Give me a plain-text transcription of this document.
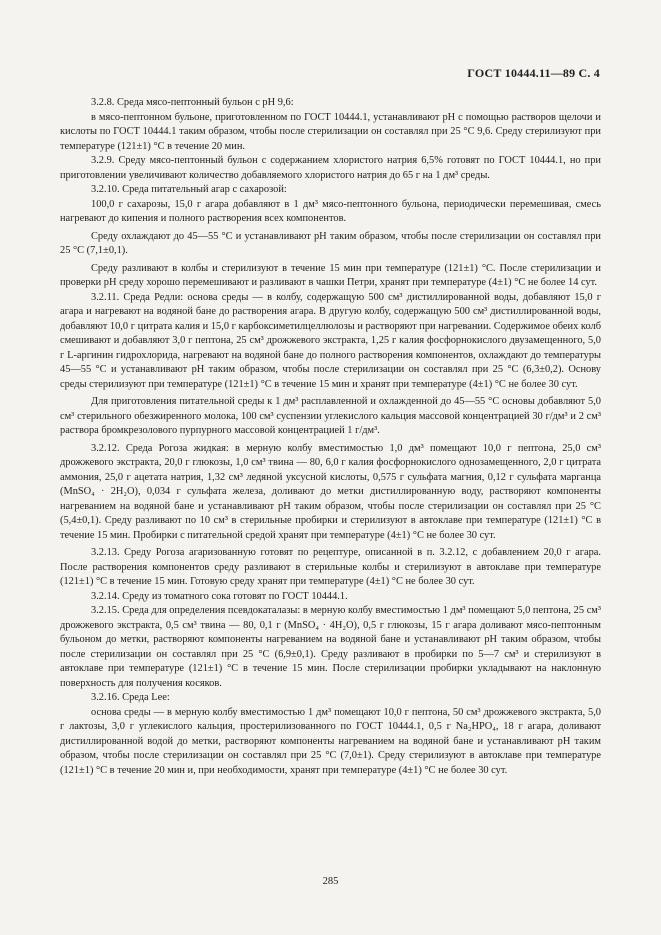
ГОСТ 10444.11—89 С. 4

3.2.8. Среда мясо-пептонный бульон с pH 9,6:

в мясо-пептонном бульоне, приготовленном по ГОСТ 10444.1, устанавливают pH с помощью растворов щелочи и кислоты по ГОСТ 10444.1 таким образом, чтобы после стерилизации он составлял при 25 °С 9,6. Среду стерилизуют при температуре (121±1) °С в течение 20 мин.

3.2.9. Среду мясо-пептонный бульон с содержанием хлористого натрия 6,5% готовят по ГОСТ 10444.1, но при приготовлении увеличивают количество добавляемого хлористого натрия до 65 г на 1 дм³ среды.

3.2.10. Среда питательный агар с сахарозой:

100,0 г сахарозы, 15,0 г агара добавляют в 1 дм³ мясо-пептонного бульона, периодически перемешивая, смесь нагревают до кипения и полного растворения всех компонентов.

Среду охлаждают до 45—55 °С и устанавливают pH таким образом, чтобы после стерилизации он составлял при 25 °С (7,1±0,1).

Среду разливают в колбы и стерилизуют в течение 15 мин при температуре (121±1) °С. После стерилизации и проверки pH среду хорошо перемешивают и разливают в чашки Петри, хранят при температуре (4±1) °С не более 14 сут.

3.2.11. Среда Редли: основа среды — в колбу, содержащую 500 см³ дистиллированной воды, добавляют 15,0 г агара и нагревают на водяной бане до растворения агара. В другую колбу, содержащую 500 см³ дистиллированной воды, добавляют 10,0 г цитрата калия и 15,0 г карбоксиметилцеллюлозы и растворяют при нагревании. Содержимое обеих колб смешивают и добавляют 3,0 г пептона, 25 см³ дрожжевого экстракта, 1,25 г калия фосфорнокислого двузамещенного, 5,0 г L-аргинин гидрохлорида, нагревают на водяной бане до полного растворения компонентов, охлаждают до температуры 45—55 °С и устанавливают pH таким образом, чтобы после стерилизации он составлял при 25 °С (6,3±0,2). Основу среды стерилизуют при температуре (121±1) °С в течение 15 мин и хранят при температуре (4±1) °С не более 30 сут.

Для приготовления питательной среды к 1 дм³ расплавленной и охлажденной до 45—55 °С основы добавляют 5,0 см³ стерильного обезжиренного молока, 100 см³ суспензии углекислого кальция массовой концентрацией 30 г/дм³ и 2 см³ раствора бромкрезолового пурпурного массовой концентрацией 1 г/дм³.

3.2.12. Среда Рогоза жидкая: в мерную колбу вместимостью 1,0 дм³ помещают 10,0 г пептона, 25,0 см³ дрожжевого экстракта, 20,0 г глюкозы, 1,0 см³ твина — 80, 6,0 г калия фосфорнокислого однозамещенного, 2,0 г цитрата аммония, 25,0 г ацетата натрия, 1,32 см³ ледяной уксусной кислоты, 0,575 г сульфата магния, 0,12 г сульфата марганца (MnSO₄ · 2H₂O), 0,034 г сульфата железа, доливают до метки дистиллированную воду, растворяют компоненты нагреванием на водяной бане и устанавливают pH таким образом, чтобы после стерилизации он составлял при 25 °С (5,4±0,1). Среду разливают по 10 см³ в стерильные пробирки и стерилизуют в автоклаве при температуре (121±1) °С в течение 15 мин. Пробирки с питательной средой хранят при температуре (4±1) °С не более 30 сут.

3.2.13. Среду Рогоза агаризованную готовят по рецептуре, описанной в п. 3.2.12, с добавлением 20,0 г агара. После растворения компонентов среду разливают в стерильные колбы и стерилизуют в автоклаве при температуре (121±1) °С в течение 15 мин. Готовую среду хранят при температуре (4±1) °С не более 30 сут.

3.2.14. Среду из томатного сока готовят по ГОСТ 10444.1.

3.2.15. Среда для определения псевдокаталазы: в мерную колбу вместимостью 1 дм³ помещают 5,0 пептона, 25 см³ дрожжевого экстракта, 0,5 см³ твина — 80, 0,1 г (MnSO₄ · 4H₂O), 0,5 г глюкозы, 15 г агара доливают мясо-пептонным бульоном до метки, растворяют компоненты нагреванием на водяной бане и устанавливают pH таким образом, чтобы после стерилизации он составлял при 25 °С (6,9±0,1). Среду разливают в пробирки по 5—7 см³ и стерилизуют в автоклаве при температуре (121±1) °С в течение 15 мин. После стерилизации пробирки укладывают на наклонную поверхность для получения косяков.

3.2.16. Среда Lee:

основа среды — в мерную колбу вместимостью 1 дм³ помещают 10,0 г пептона, 50 см³ дрожжевого экстракта, 5,0 г лактозы, 3,0 г углекислого кальция, простерилизованного по ГОСТ 10444.1, 0,5 г Na₂HPO₄, 18 г агара, доливают дистиллированной водой до метки, растворяют компоненты нагреванием на водяной бане и устанавливают pH таким образом, чтобы после стерилизации он составлял при 25 °С (7,0±1). Среду стерилизуют в автоклаве при температуре (121±1) °С в течение 20 мин и, при необходимости, хранят при температуре (4±1) °С не более 30 сут.

285
